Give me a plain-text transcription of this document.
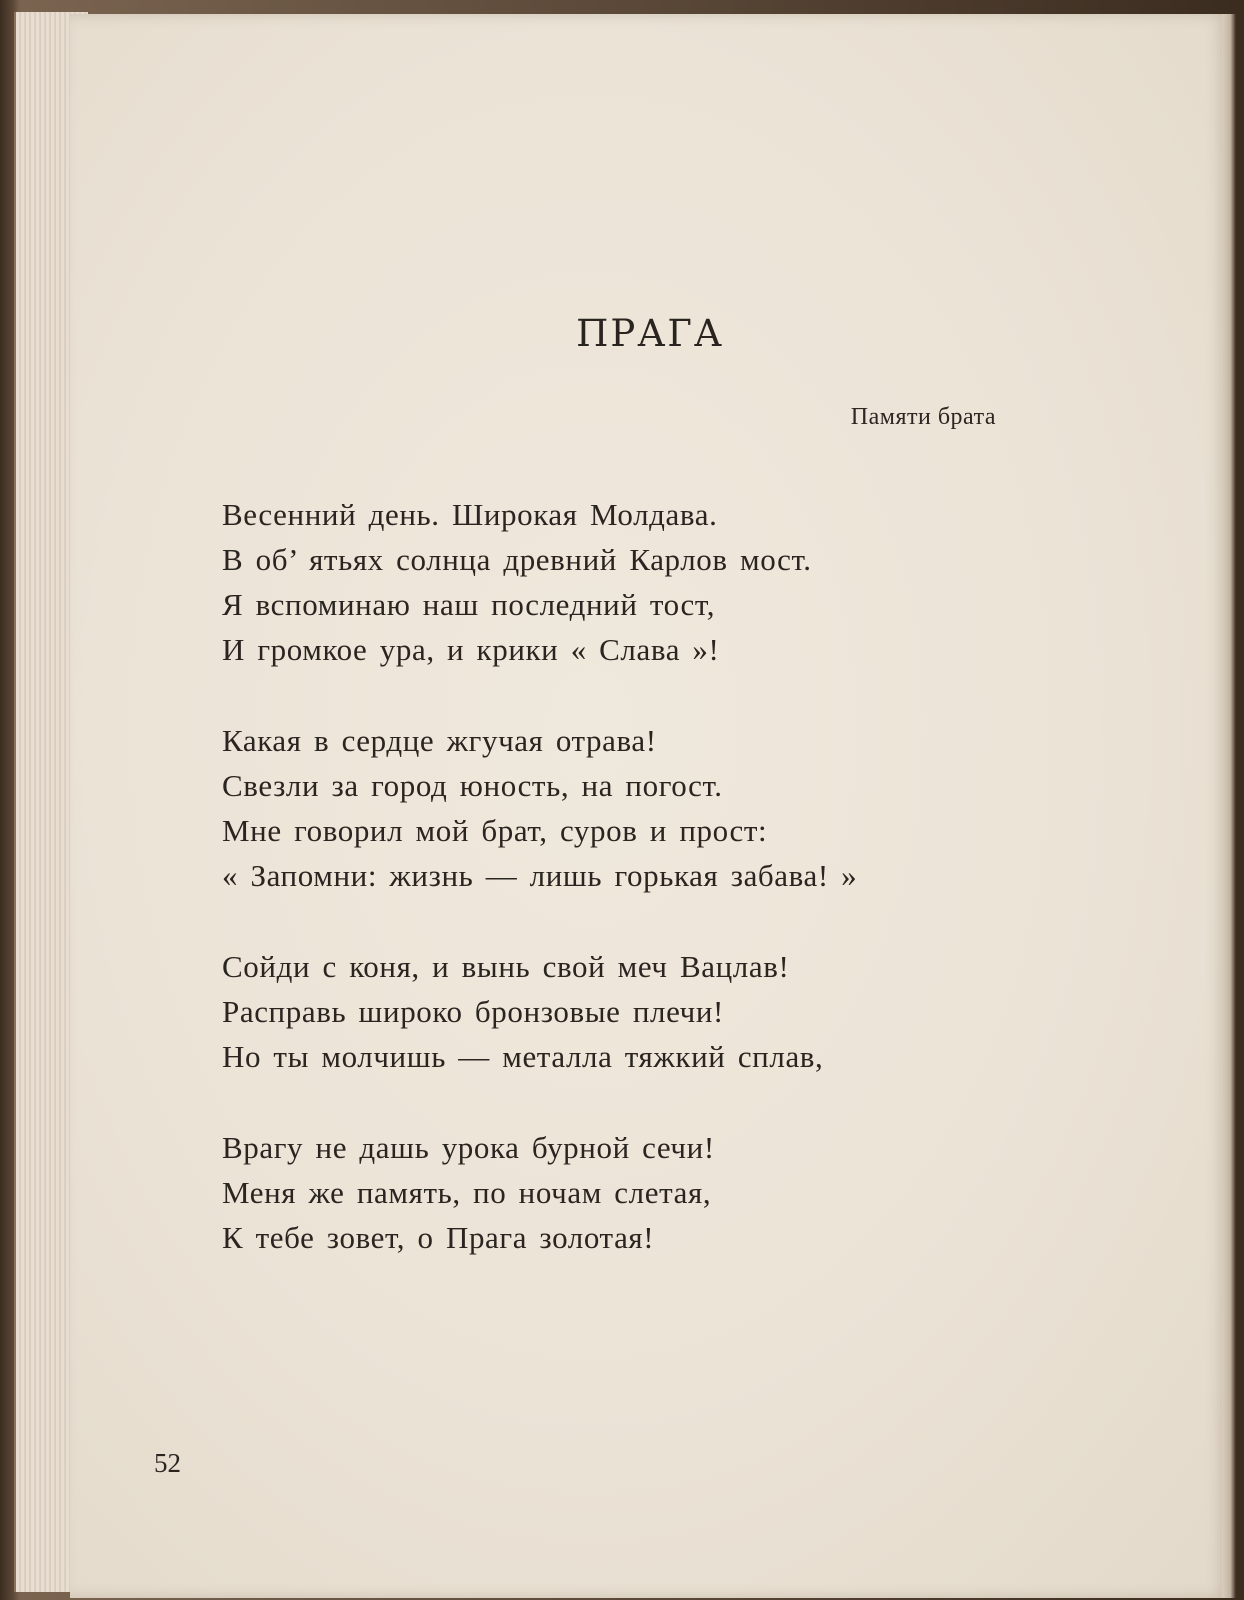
ПРАГА
Памяти брата
Весенний день. Широкая Молдава.
В об’ ятьях солнца древний Карлов мост.
Я вспоминаю наш последний тост,
И громкое ура, и крики « Слава »!
Какая в сердце жгучая отрава!
Свезли за город юность, на погост.
Мне говорил мой брат, суров и прост:
« Запомни: жизнь — лишь горькая забава! »
Сойди с коня, и вынь свой меч Вацлав!
Расправь широко бронзовые плечи!
Но ты молчишь — металла тяжкий сплав,
Врагу не дашь урока бурной сечи!
Меня же память, по ночам слетая,
К тебе зовет, о Прага золотая!
52
